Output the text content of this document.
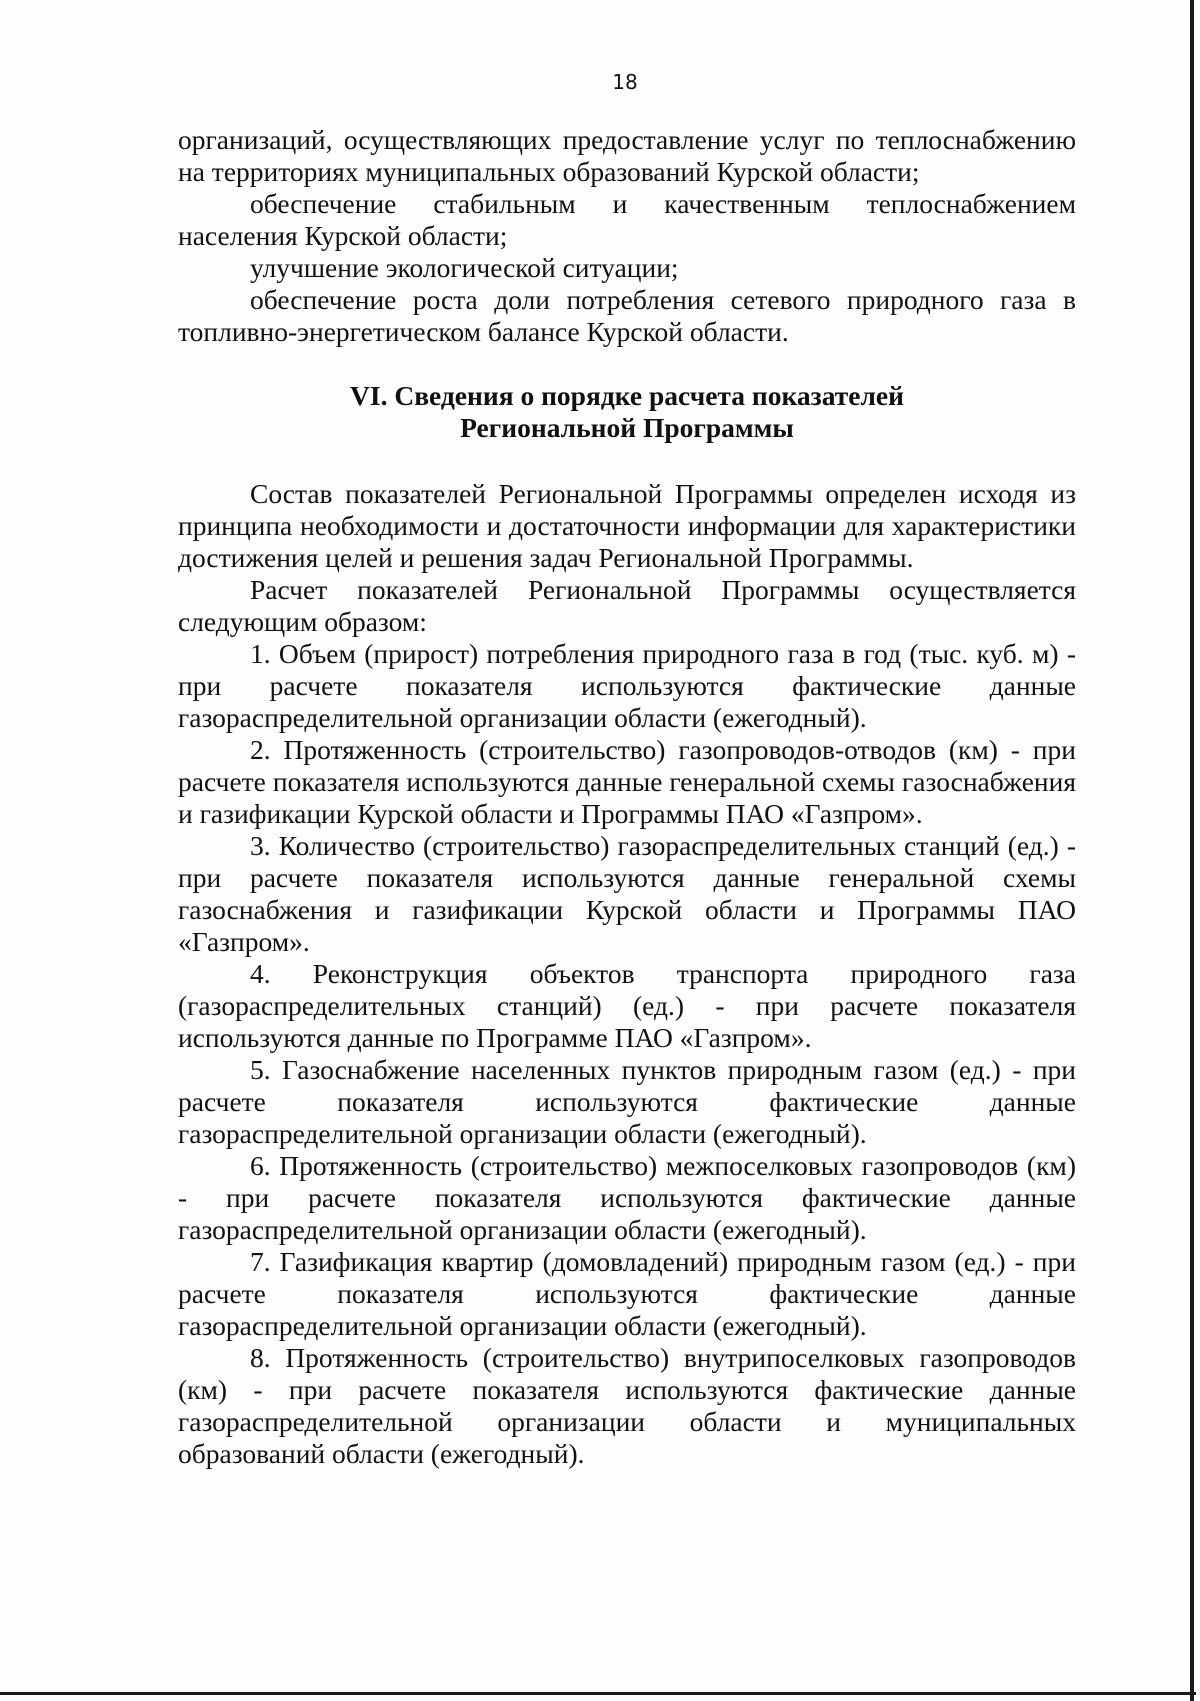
18

организаций, осуществляющих предоставление услуг по теплоснабжению на территориях муниципальных образований Курской области;

обеспечение стабильным и качественным теплоснабжением населения Курской области;

улучшение экологической ситуации;

обеспечение роста доли потребления сетевого природного газа в топливно-энергетическом балансе Курской области.

VI. Сведения о порядке расчета показателей
Региональной Программы

Состав показателей Региональной Программы определен исходя из принципа необходимости и достаточности информации для характеристики достижения целей и решения задач Региональной Программы.

Расчет показателей Региональной Программы осуществляется следующим образом:

1. Объем (прирост) потребления природного газа в год (тыс. куб. м) - при расчете показателя используются фактические данные газораспределительной организации области (ежегодный).

2. Протяженность (строительство) газопроводов-отводов (км) - при расчете показателя используются данные генеральной схемы газоснабжения и газификации Курской области и Программы ПАО «Газпром».

3. Количество (строительство) газораспределительных станций (ед.) - при расчете показателя используются данные генеральной схемы газоснабжения и газификации Курской области и Программы ПАО «Газпром».

4. Реконструкция объектов транспорта природного газа (газораспределительных станций) (ед.) - при расчете показателя используются данные по Программе ПАО «Газпром».

5. Газоснабжение населенных пунктов природным газом (ед.) - при расчете показателя используются фактические данные газораспределительной организации области (ежегодный).

6. Протяженность (строительство) межпоселковых газопроводов (км) - при расчете показателя используются фактические данные газораспределительной организации области (ежегодный).

7. Газификация квартир (домовладений) природным газом (ед.) - при расчете показателя используются фактические данные газораспределительной организации области (ежегодный).

8. Протяженность (строительство) внутрипоселковых газопроводов (км) - при расчете показателя используются фактические данные газораспределительной организации области и муниципальных образований области (ежегодный).
